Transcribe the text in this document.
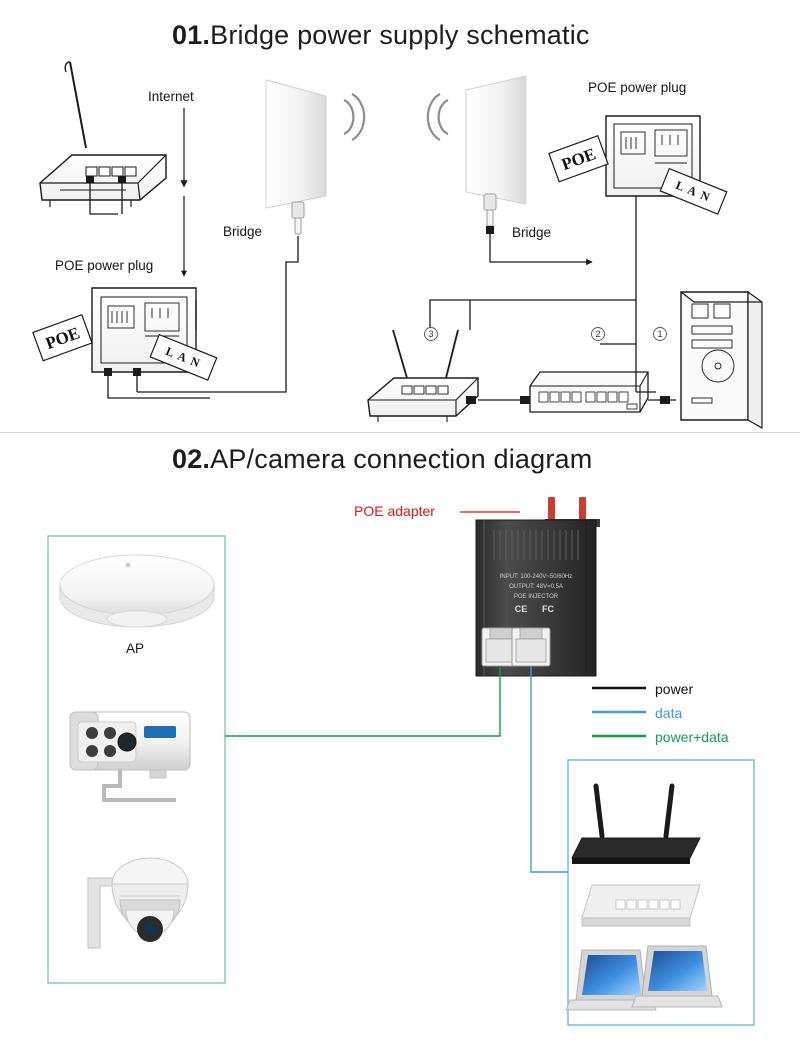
01.Bridge power supply schematic
POE
L A N
POE
L A N
3	2	1
Internet
POE power plug
POE power plug
Bridge	Bridge
02.AP/camera connection diagram
INPUT: 100-240V~50/60Hz
OUTPUT: 48V=0.5A
POE INJECTOR
CE FC
POE adapter
AP
power
data
power+data
